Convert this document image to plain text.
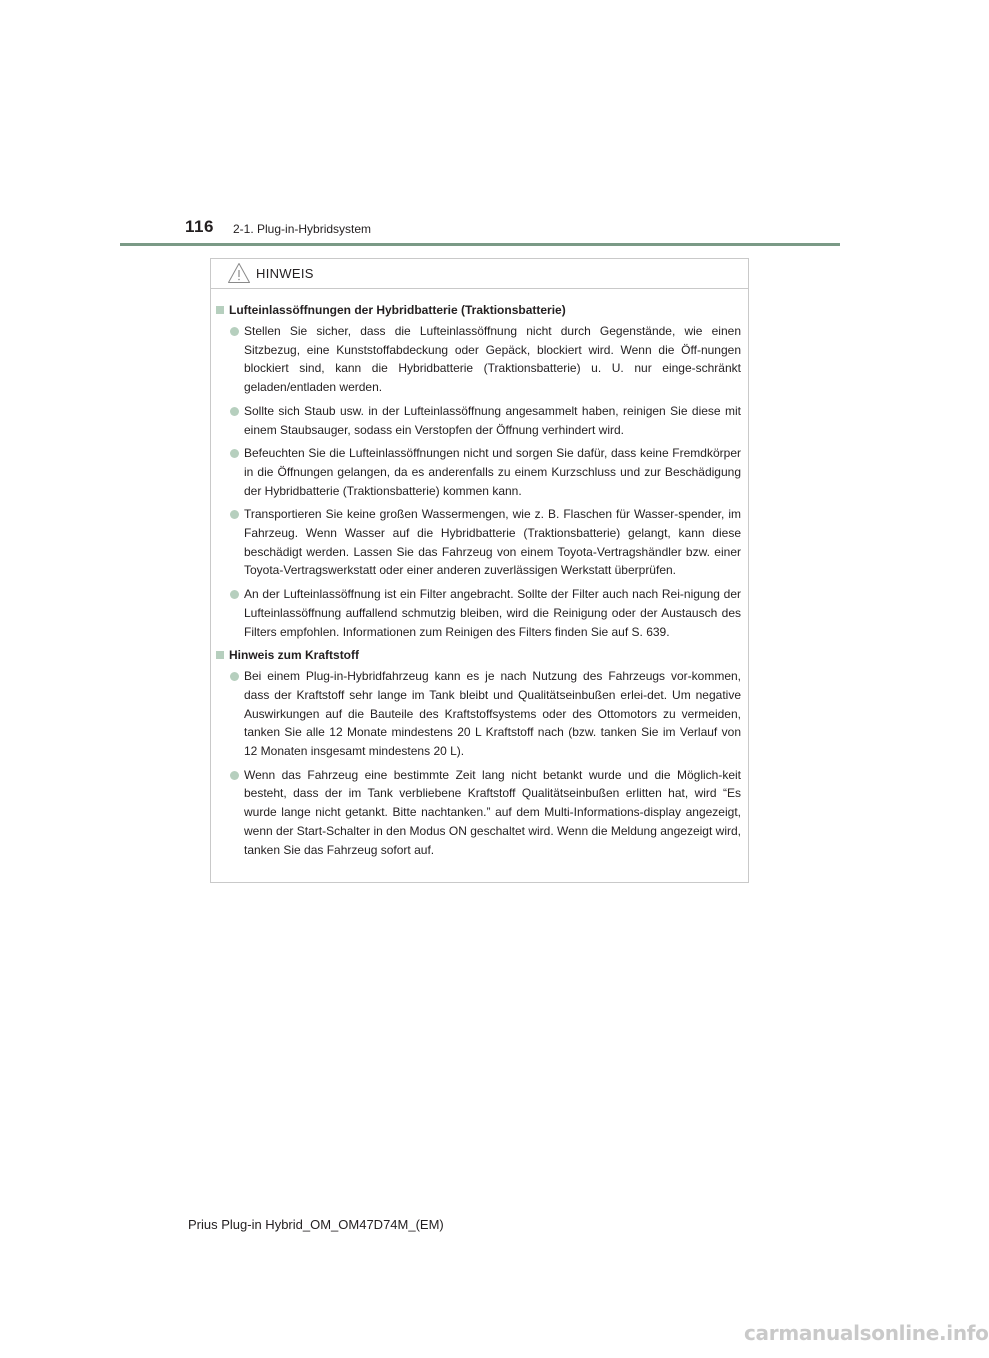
116 2-1. Plug-in-Hybridsystem
HINWEIS
Lufteinlassöffnungen der Hybridbatterie (Traktionsbatterie)
Stellen Sie sicher, dass die Lufteinlassöffnung nicht durch Gegenstände, wie einen Sitzbezug, eine Kunststoffabdeckung oder Gepäck, blockiert wird. Wenn die Öff-nungen blockiert sind, kann die Hybridbatterie (Traktionsbatterie) u. U. nur einge-schränkt geladen/entladen werden.
Sollte sich Staub usw. in der Lufteinlassöffnung angesammelt haben, reinigen Sie diese mit einem Staubsauger, sodass ein Verstopfen der Öffnung verhindert wird.
Befeuchten Sie die Lufteinlassöffnungen nicht und sorgen Sie dafür, dass keine Fremdkörper in die Öffnungen gelangen, da es anderenfalls zu einem Kurzschluss und zur Beschädigung der Hybridbatterie (Traktionsbatterie) kommen kann.
Transportieren Sie keine großen Wassermengen, wie z. B. Flaschen für Wasser-spender, im Fahrzeug. Wenn Wasser auf die Hybridbatterie (Traktionsbatterie) gelangt, kann diese beschädigt werden. Lassen Sie das Fahrzeug von einem Toyota-Vertragshändler bzw. einer Toyota-Vertragswerkstatt oder einer anderen zuverlässigen Werkstatt überprüfen.
An der Lufteinlassöffnung ist ein Filter angebracht. Sollte der Filter auch nach Rei-nigung der Lufteinlassöffnung auffallend schmutzig bleiben, wird die Reinigung oder der Austausch des Filters empfohlen. Informationen zum Reinigen des Filters finden Sie auf S. 639.
Hinweis zum Kraftstoff
Bei einem Plug-in-Hybridfahrzeug kann es je nach Nutzung des Fahrzeugs vor-kommen, dass der Kraftstoff sehr lange im Tank bleibt und Qualitätseinbußen erlei-det. Um negative Auswirkungen auf die Bauteile des Kraftstoffsystems oder des Ottomotors zu vermeiden, tanken Sie alle 12 Monate mindestens 20 L Kraftstoff nach (bzw. tanken Sie im Verlauf von 12 Monaten insgesamt mindestens 20 L).
Wenn das Fahrzeug eine bestimmte Zeit lang nicht betankt wurde und die Möglich-keit besteht, dass der im Tank verbliebene Kraftstoff Qualitätseinbußen erlitten hat, wird “Es wurde lange nicht getankt. Bitte nachtanken.” auf dem Multi-Informations-display angezeigt, wenn der Start-Schalter in den Modus ON geschaltet wird. Wenn die Meldung angezeigt wird, tanken Sie das Fahrzeug sofort auf.
Prius Plug-in Hybrid_OM_OM47D74M_(EM)
carmanualsonline.info
